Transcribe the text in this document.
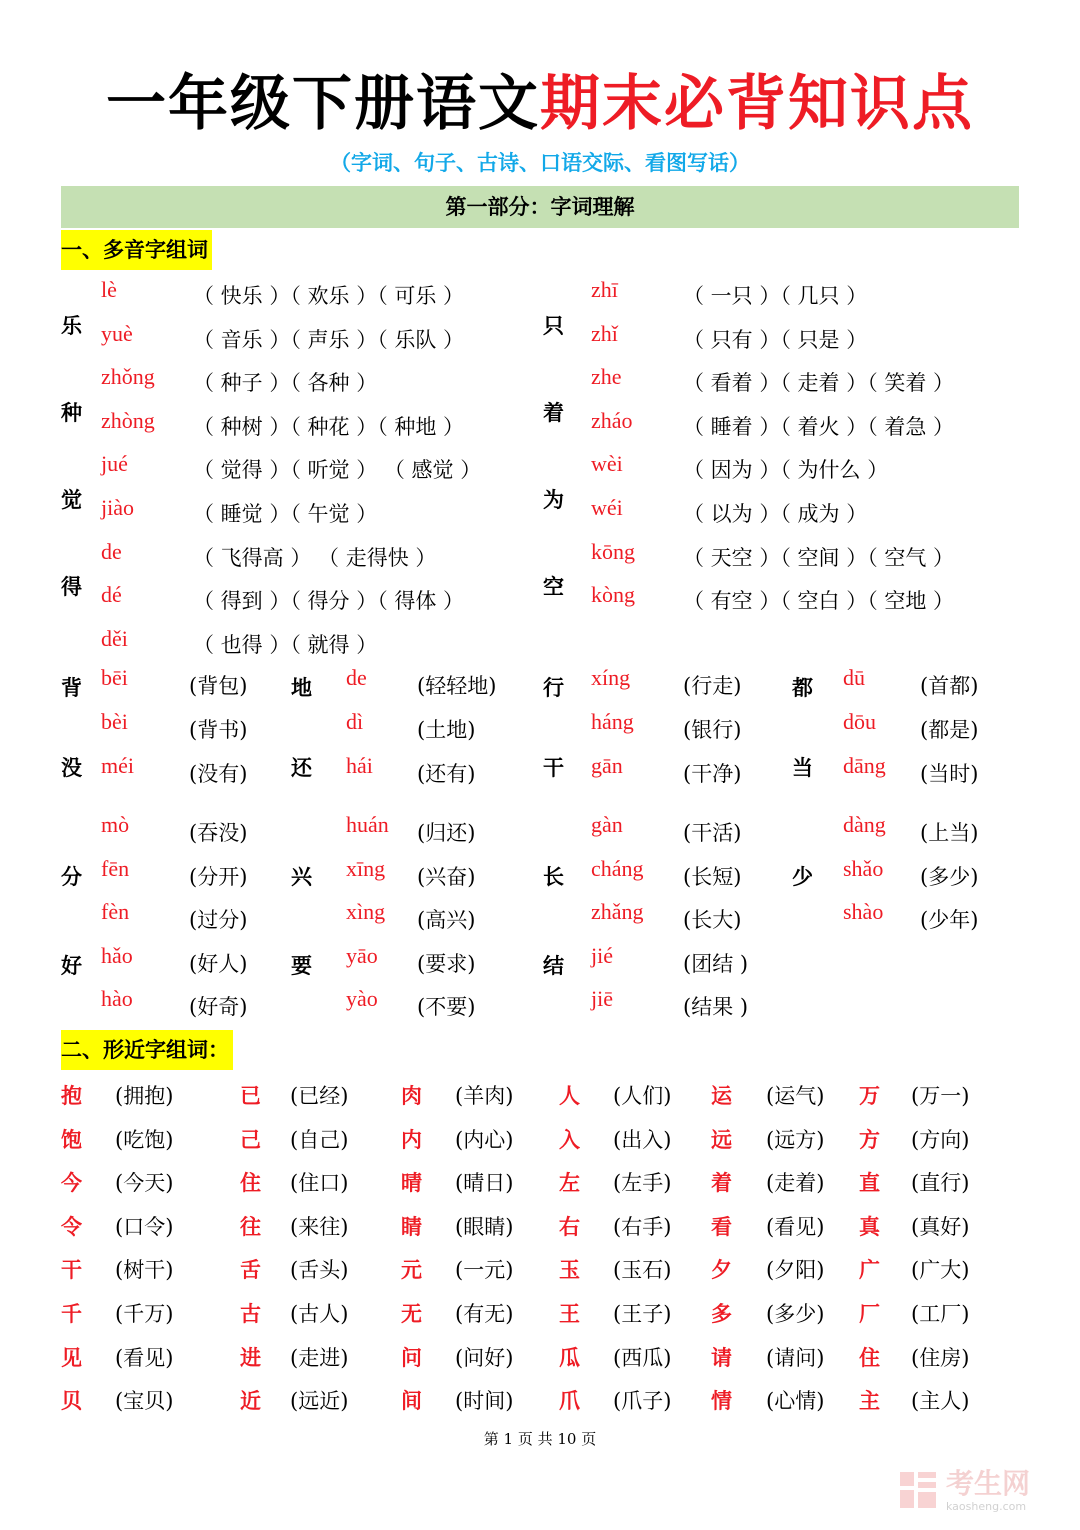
一年级下册语文期末必背知识点
（字词、句子、古诗、口语交际、看图写话）
第一部分：字词理解
一、多音字组词
二、形近字组词：
乐
lè	（ 快乐 ）（ 欢乐 ）（ 可乐 ）
yuè	（ 音乐 ）（ 声乐 ）（ 乐队 ）
种
zhǒng （ 种子 ）（ 各种 ）
zhòng （ 种树 ）（ 种花 ）（ 种地 ）
觉
jué	（ 觉得 ）（ 听觉 ） （ 感觉 ）
jiào	（ 睡觉 ）（ 午觉 ）
得
de	（ 飞得高 ） （ 走得快 ）
dé	（ 得到 ）（ 得分 ）（ 得体 ）
děi	（ 也得 ）（ 就得 ）
只
zhī	（ 一只 ）（ 几只 ）
zhǐ	（ 只有 ）（ 只是 ）
着
zhe	（ 看着 ）（ 走着 ）（ 笑着 ）
zháo （ 睡着 ）（ 着火 ）（ 着急 ）
为
wèi	（ 因为 ）（ 为什么 ）
wéi	（ 以为 ）（ 成为 ）
空
kōng （ 天空 ）（ 空间 ）（ 空气 ）
kòng （ 有空 ）（ 空白 ）（ 空地 ）
背 bēi	(背包)
bèi	(背书)
地 de (轻轻地)
dì	(土地)
行 xíng	(行走)
háng (银行)
都 dū	(首都)
dōu (都是)
没 méi	(没有)
mò	(吞没)
还 hái (还有)
huán (归还)
干 gān	(干净)
gàn	(干活)
当 dāng (当时)
dàng (上当)
分 fēn	(分开)
fèn	(过分)
兴 xīng (兴奋)
xìng (高兴)
长 cháng (长短)
zhǎng (长大)
少 shǎo (多少)
shào (少年)
好 hǎo	(好人)
hào	(好奇)
要 yāo (要求)
yào (不要)
结 jié	(团结 )
jiē	(结果 )
抱 (拥抱)	已 (已经)	肉 (羊肉) 人 (人们) 运 (运气) 万 (万一)
饱 (吃饱)	己 (自己)	内 (内心) 入 (出入) 远 (远方) 方 (方向)
今 (今天)	住 (住口)	晴 (晴日) 左 (左手) 着 (走着) 直 (直行)
令 (口令)	往 (来往)	睛 (眼睛) 右 (右手) 看 (看见) 真 (真好)
干 (树干)	舌 (舌头)	元 (一元) 玉 (玉石) 夕 (夕阳) 广 (广大)
千 (千万)	古 (古人)	无 (有无) 王 (王子) 多 (多少) 厂 (工厂)
见 (看见)	进 (走进)	问 (问好) 瓜 (西瓜) 请 (请问) 住 (住房)
贝 (宝贝)	近 (远近)	间 (时间) 爪 (爪子) 情 (心情) 主 (主人)
第 1 页 共 10 页
考生网
kaosheng.com
